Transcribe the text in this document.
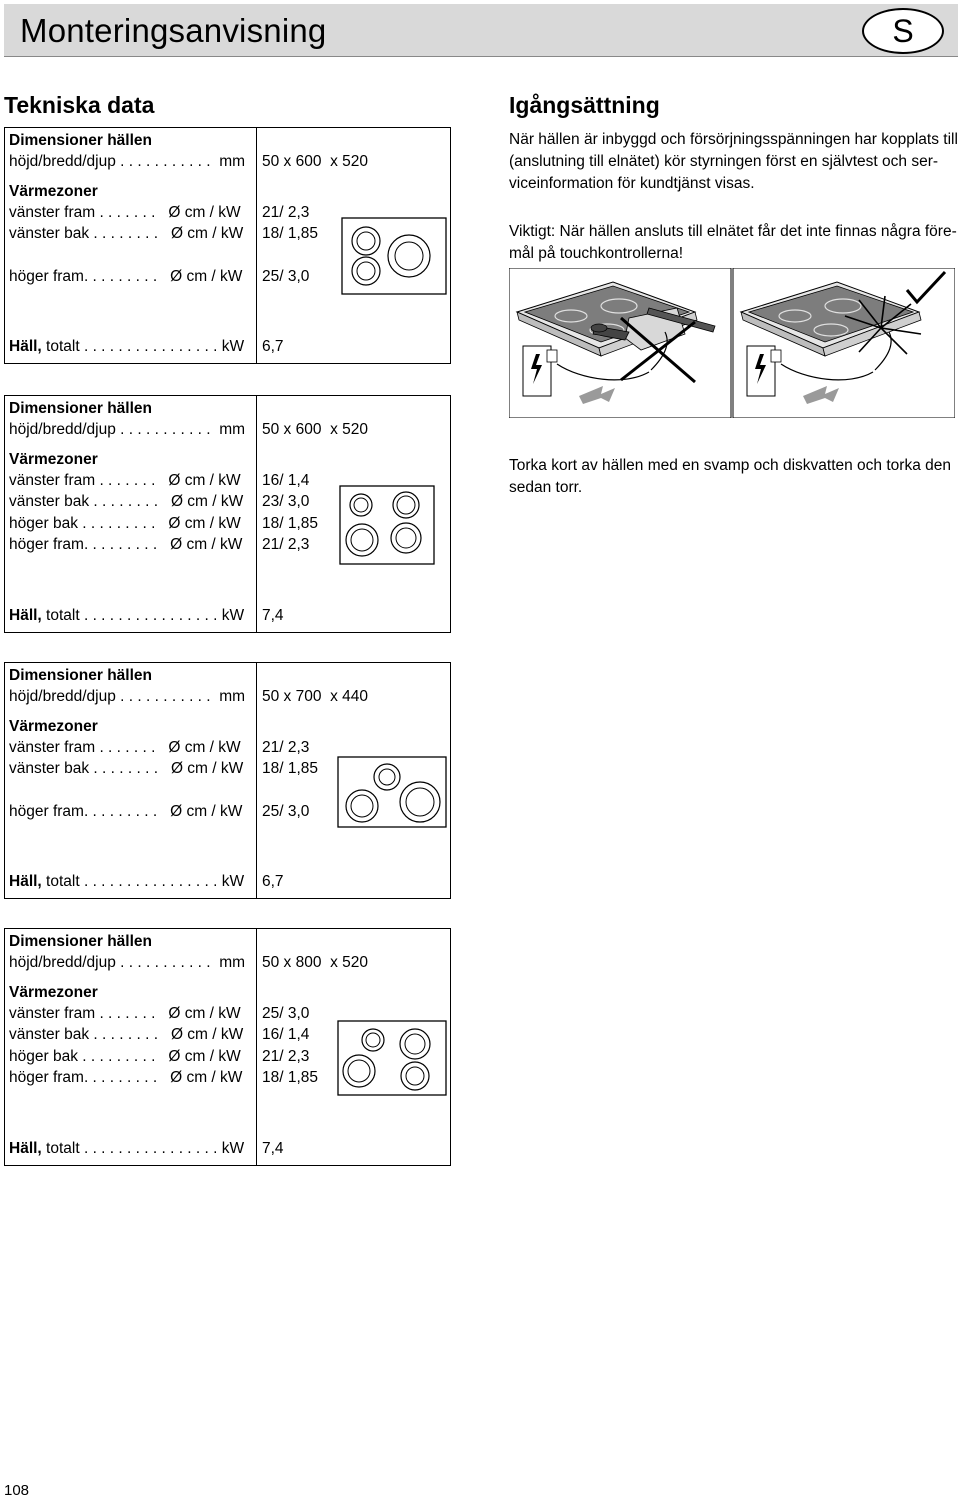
Monteringsanvisning	S
Tekniska data
Dimensioner hällen
höjd/bredd/djup . . . . . . . . . . .  mm 50 x 600  x 520
Värmezoner
vänster fram . . . . . . .   Ø cm / kW 21/ 2,3
vänster bak . . . . . . . .   Ø cm / kW 18/ 1,85
höger fram. . . . . . . . .   Ø cm / kW 25/ 3,0
Häll, totalt . . . . . . . . . . . . . . . . kW 6,7
Dimensioner hällen
höjd/bredd/djup . . . . . . . . . . .  mm 50 x 600  x 520
Värmezoner
vänster fram . . . . . . .   Ø cm / kW 16/ 1,4
vänster bak . . . . . . . .   Ø cm / kW 23/ 3,0
höger bak . . . . . . . . .   Ø cm / kW 18/ 1,85
höger fram. . . . . . . . .   Ø cm / kW 21/ 2,3
Häll, totalt . . . . . . . . . . . . . . . . kW 7,4
Dimensioner hällen
höjd/bredd/djup . . . . . . . . . . .  mm 50 x 700  x 440
Värmezoner
vänster fram . . . . . . .   Ø cm / kW 21/ 2,3
vänster bak . . . . . . . .   Ø cm / kW 18/ 1,85
höger fram. . . . . . . . .   Ø cm / kW 25/ 3,0
Häll, totalt . . . . . . . . . . . . . . . . kW 6,7
Dimensioner hällen
höjd/bredd/djup . . . . . . . . . . .  mm 50 x 800  x 520
Värmezoner
vänster fram . . . . . . .   Ø cm / kW 25/ 3,0
vänster bak . . . . . . . .   Ø cm / kW 16/ 1,4
höger bak . . . . . . . . .   Ø cm / kW 21/ 2,3
höger fram. . . . . . . . .   Ø cm / kW 18/ 1,85
Häll, totalt . . . . . . . . . . . . . . . . kW 7,4
Igångsättning
När hällen är inbyggd och försörjningsspänningen har kopplats till (anslutning till elnätet) kör styrningen först en självtest och ser-viceinformation för kundtjänst visas.
Viktigt: När hällen ansluts till elnätet får det inte finnas några före-mål på touchkontrollerna!
Torka kort av hällen med en svamp och diskvatten och torka den sedan torr.
108
